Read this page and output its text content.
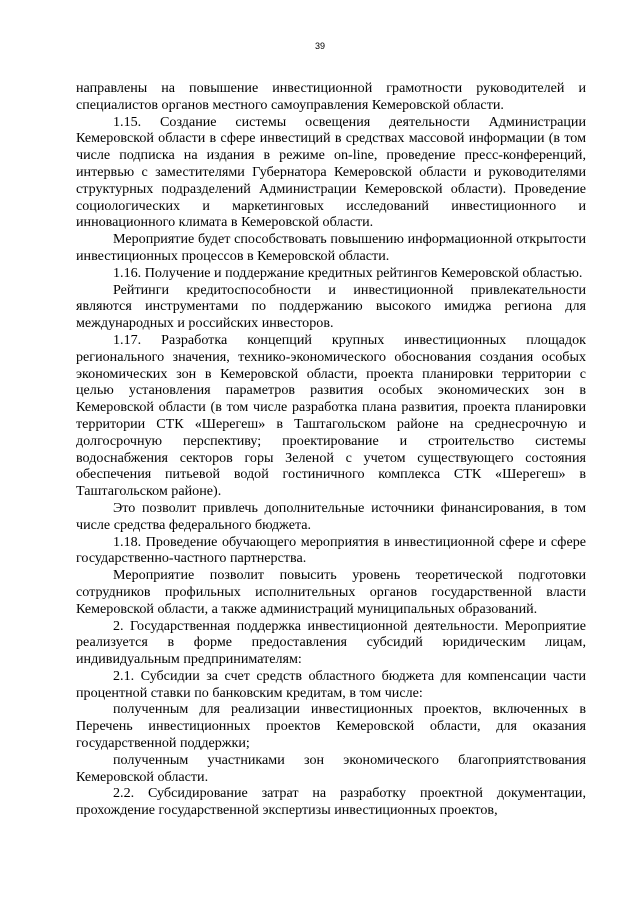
39

направлены на повышение инвестиционной грамотности руководителей и специалистов органов местного самоуправления Кемеровской области.

1.15. Создание системы освещения деятельности Администрации Кемеровской области в сфере инвестиций в средствах массовой информации (в том числе подписка на издания в режиме on-line, проведение пресс-конференций, интервью с заместителями Губернатора Кемеровской области и руководителями структурных подразделений Администрации Кемеровской области). Проведение социологических и маркетинговых исследований инвестиционного и инновационного климата в Кемеровской области.

Мероприятие будет способствовать повышению информационной открытости инвестиционных процессов в Кемеровской области.

1.16. Получение и поддержание кредитных рейтингов Кемеровской областью.

Рейтинги кредитоспособности и инвестиционной привлекательности являются инструментами по поддержанию высокого имиджа региона для международных и российских инвесторов.

1.17. Разработка концепций крупных инвестиционных площадок регионального значения, технико-экономического обоснования создания особых экономических зон в Кемеровской области, проекта планировки территории с целью установления параметров развития особых экономических зон в Кемеровской области (в том числе разработка плана развития, проекта планировки территории СТК «Шерегеш» в Таштагольском районе на среднесрочную и долгосрочную перспективу; проектирование и строительство системы водоснабжения секторов горы Зеленой с учетом существующего состояния обеспечения питьевой водой гостиничного комплекса СТК «Шерегеш» в Таштагольском районе).

Это позволит привлечь дополнительные источники финансирования, в том числе средства федерального бюджета.

1.18. Проведение обучающего мероприятия в инвестиционной сфере и сфере государственно-частного партнерства.

Мероприятие позволит повысить уровень теоретической подготовки сотрудников профильных исполнительных органов государственной власти Кемеровской области, а также администраций муниципальных образований.

2. Государственная поддержка инвестиционной деятельности. Мероприятие реализуется в форме предоставления субсидий юридическим лицам, индивидуальным предпринимателям:

2.1. Субсидии за счет средств областного бюджета для компенсации части процентной ставки по банковским кредитам, в том числе:

полученным для реализации инвестиционных проектов, включенных в Перечень инвестиционных проектов Кемеровской области, для оказания государственной поддержки;

полученным участниками зон экономического благоприятствования Кемеровской области.

2.2. Субсидирование затрат на разработку проектной документации, прохождение государственной экспертизы инвестиционных проектов,
